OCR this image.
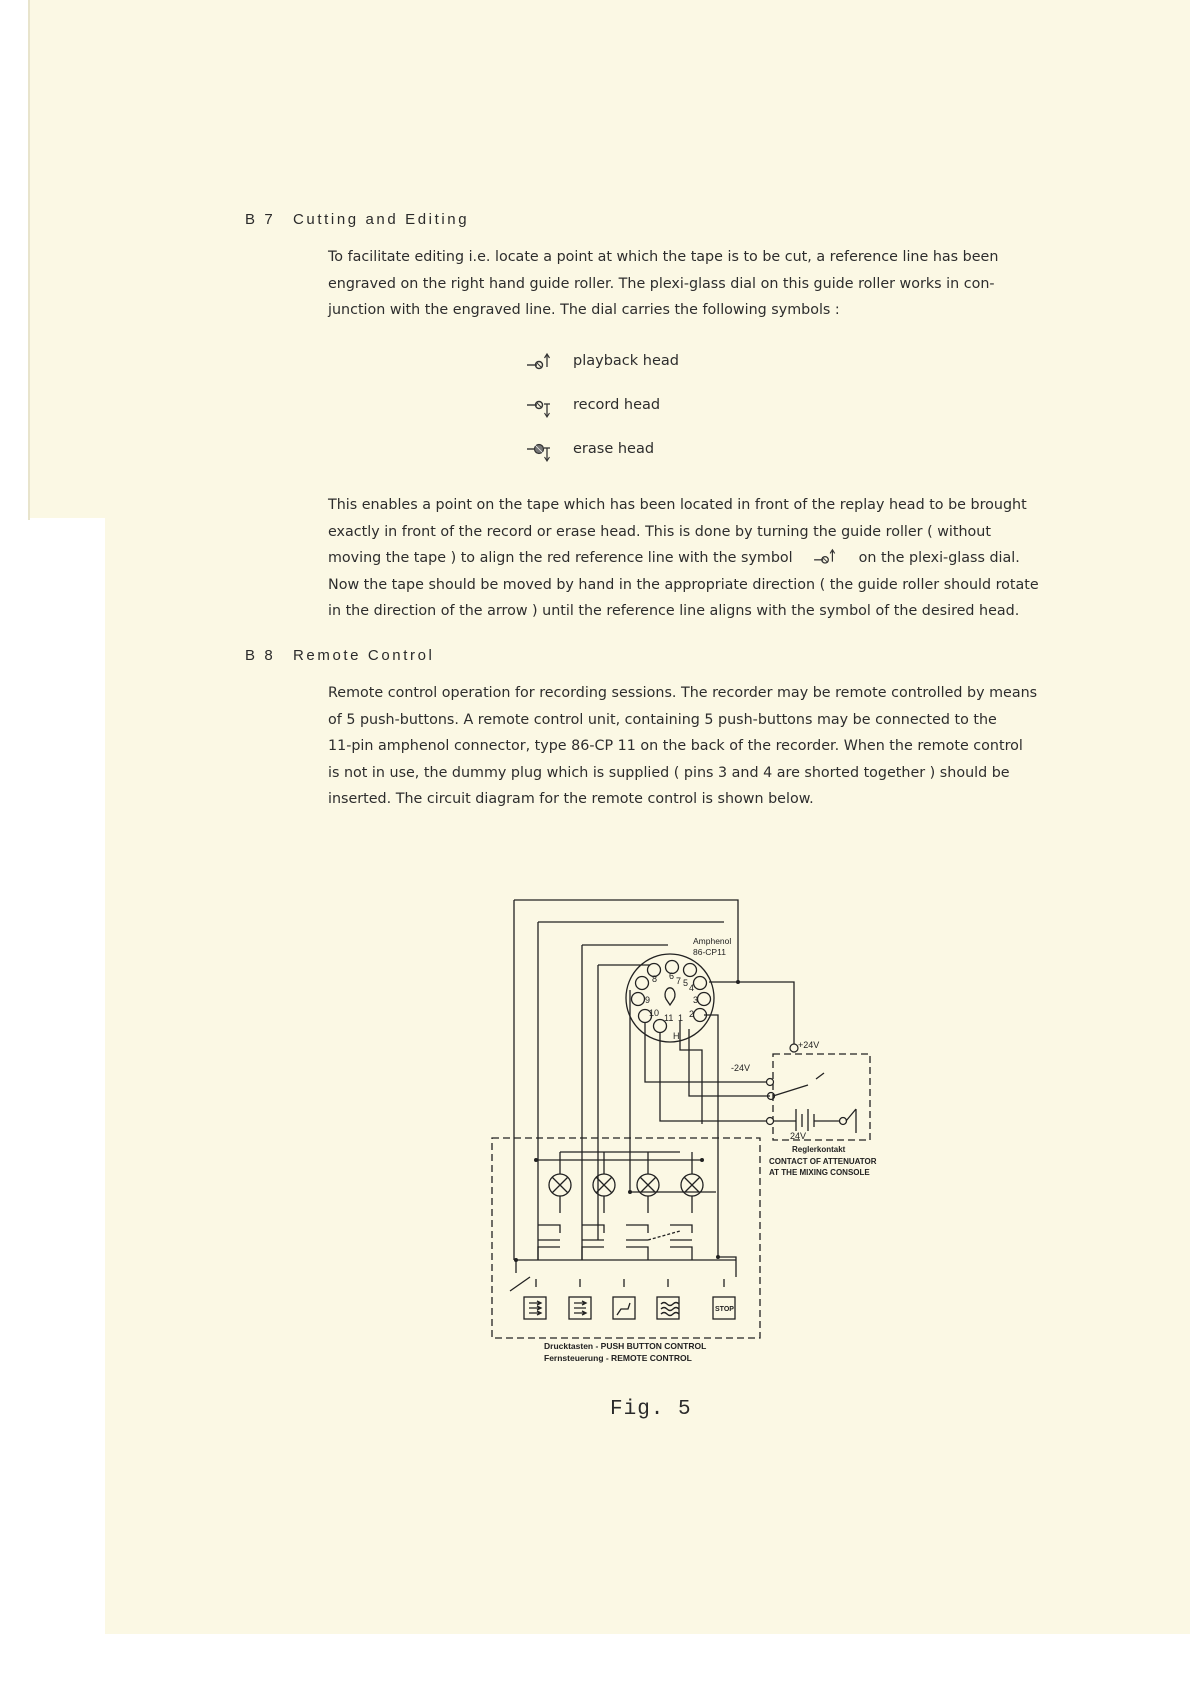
B 7 Cutting and Editing
To facilitate editing i.e. locate a point at which the tape is to be cut, a reference line has been
engraved on the right hand guide roller. The plexi-glass dial on this guide roller works in con-
junction with the engraved line. The dial carries the following symbols :
playback head
record head
erase head
This enables a point on the tape which has been located in front of the replay head to be brought
exactly in front of the record or erase head. This is done by turning the guide roller ( without
moving the tape ) to align the red reference line with the symbol	on the plexi-glass dial.
Now the tape should be moved by hand in the appropriate direction ( the guide roller should rotate
in the direction of the arrow ) until the reference line aligns with the symbol of the desired head.
B 8 Remote Control
Remote control operation for recording sessions. The recorder may be remote controlled by means
of 5 push-buttons. A remote control unit, containing 5 push-buttons may be connected to the
11-pin amphenol connector, type 86-CP 11 on the back of the recorder. When the remote control
is not in use, the dummy plug which is supplied ( pins 3 and 4 are shorted together ) should be
inserted. The circuit diagram for the remote control is shown below.
Amphenol
86-CP11
6 7
8	5 4
3
2
9
10 11 1
H
+24V
-24V
24V
Reglerkontakt
CONTACT OF ATTENUATOR
AT THE MIXING CONSOLE
STOP
Drucktasten - PUSH BUTTON CONTROL
Fernsteuerung - REMOTE CONTROL
Fig. 5
